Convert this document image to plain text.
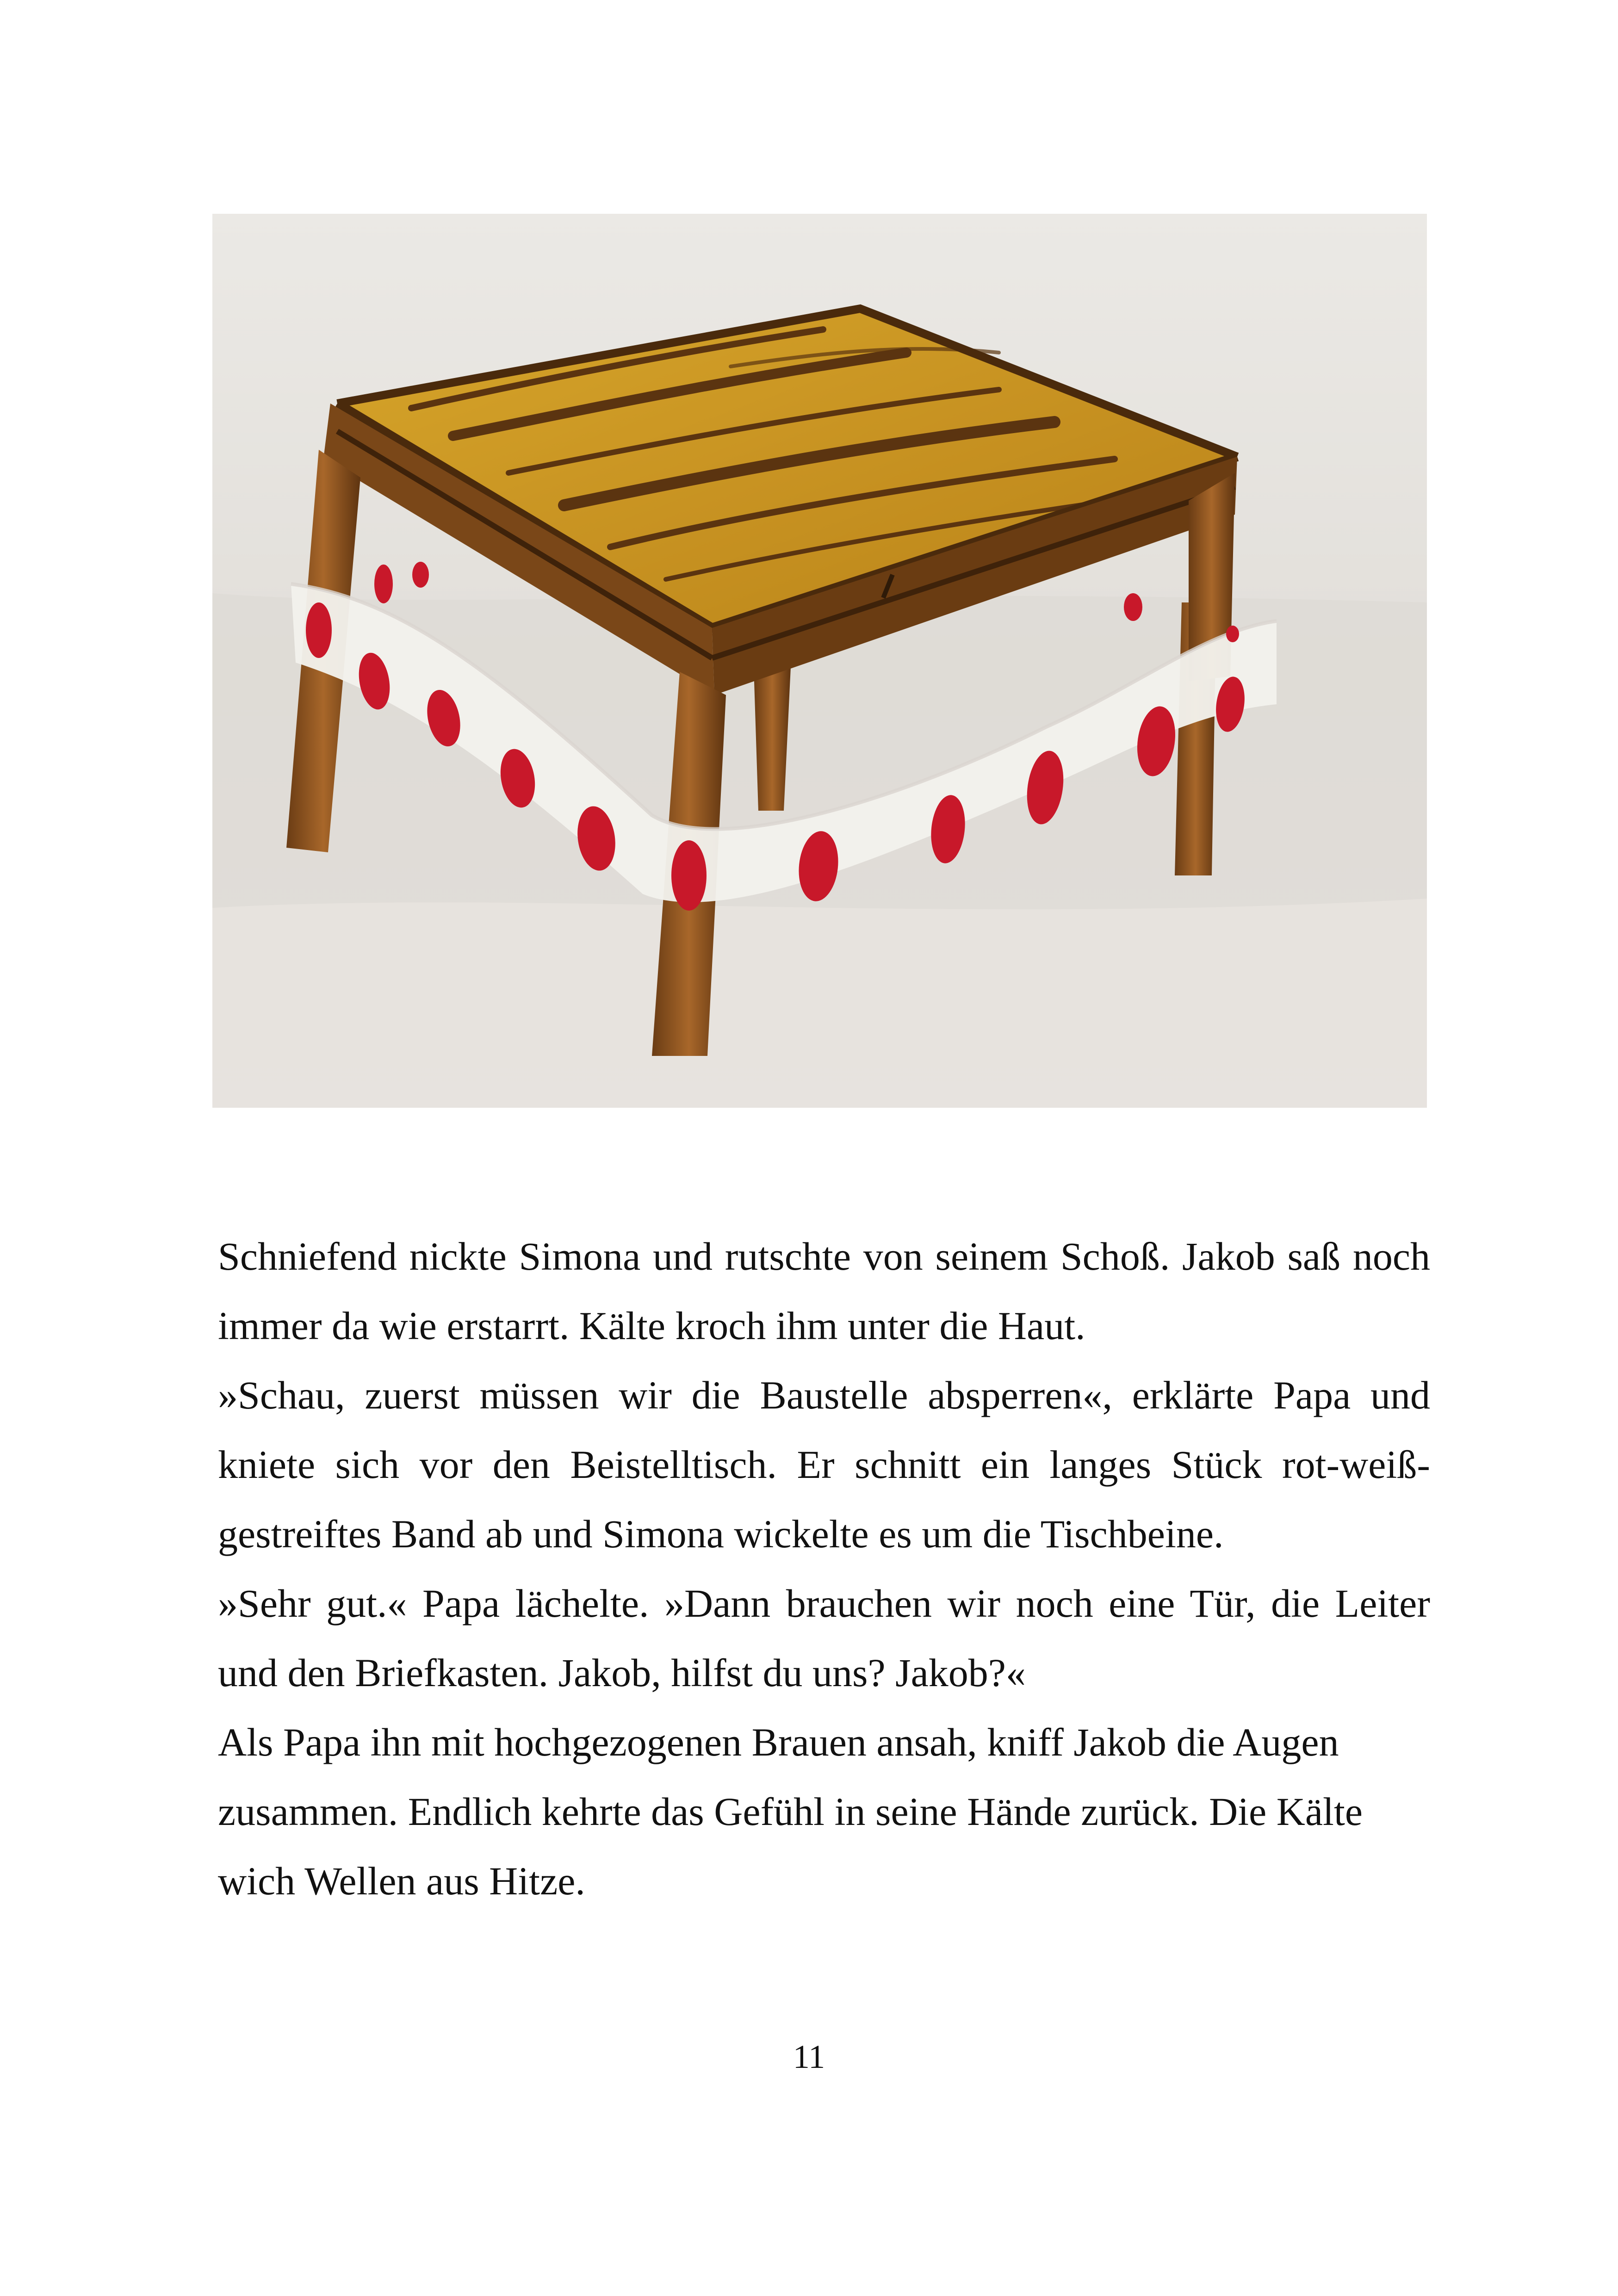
Schniefend nickte Simona und rutschte von seinem Schoß. Jakob saß noch immer da wie erstarrt. Kälte kroch ihm unter die Haut.

»Schau, zuerst müssen wir die Baustelle absperren«, erklärte Papa und kniete sich vor den Beistelltisch. Er schnitt ein langes Stück rot-weiß-gestreiftes Band ab und Simona wickelte es um die Tischbeine.

»Sehr gut.« Papa lächelte. »Dann brauchen wir noch eine Tür, die Leiter und den Briefkasten. Jakob, hilfst du uns? Jakob?«

Als Papa ihn mit hochgezogenen Brauen ansah, kniff Jakob die Augen zusammen. Endlich kehrte das Gefühl in seine Hände zurück. Die Kälte wich Wellen aus Hitze.

11
